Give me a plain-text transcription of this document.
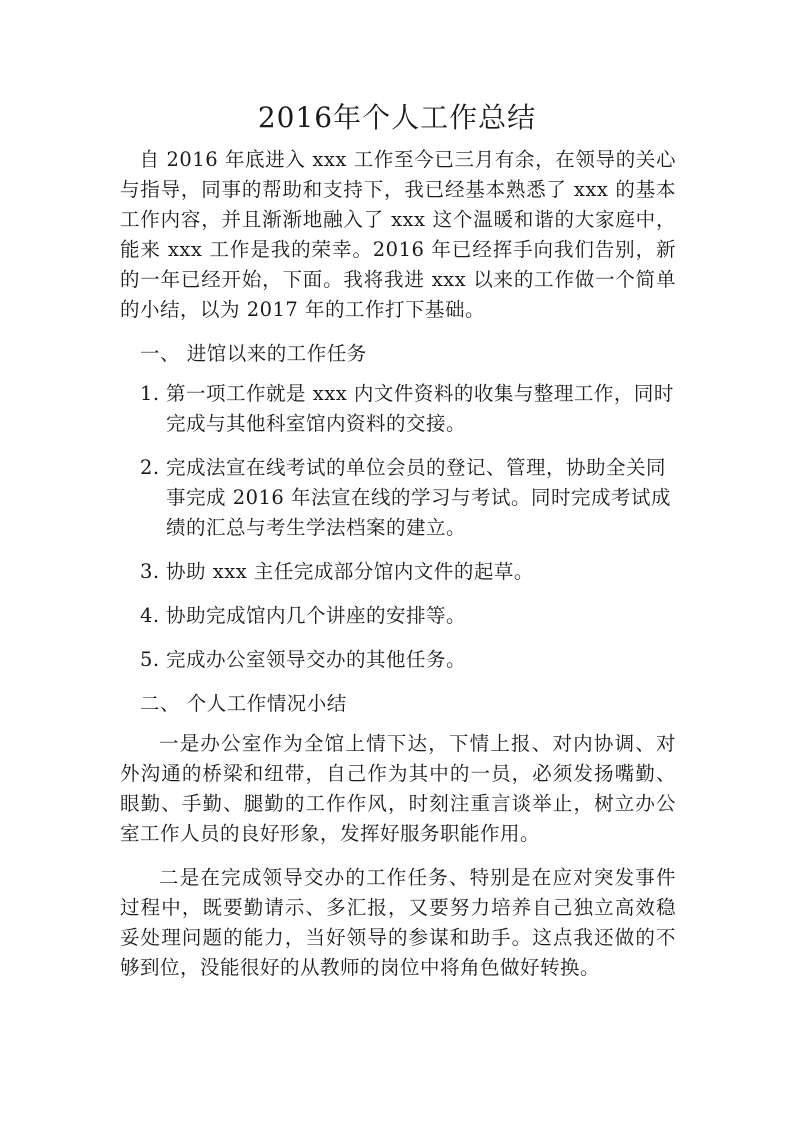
2016年个人工作总结

自 2016 年底进入 xxx 工作至今已三月有余，在领导的关心与指导，同事的帮助和支持下，我已经基本熟悉了 xxx 的基本工作内容，并且渐渐地融入了 xxx 这个温暖和谐的大家庭中，能来 xxx 工作是我的荣幸。2016 年已经挥手向我们告别，新的一年已经开始，下面。我将我进 xxx 以来的工作做一个简单的小结，以为 2017 年的工作打下基础。

一、 进馆以来的工作任务
1. 第一项工作就是 xxx 内文件资料的收集与整理工作，同时完成与其他科室馆内资料的交接。
2. 完成法宣在线考试的单位会员的登记、管理，协助全关同事完成 2016 年法宣在线的学习与考试。同时完成考试成绩的汇总与考生学法档案的建立。
3. 协助 xxx 主任完成部分馆内文件的起草。
4. 协助完成馆内几个讲座的安排等。
5. 完成办公室领导交办的其他任务。
二、 个人工作情况小结

一是办公室作为全馆上情下达，下情上报、对内协调、对外沟通的桥梁和纽带，自己作为其中的一员，必须发扬嘴勤、眼勤、手勤、腿勤的工作作风，时刻注重言谈举止，树立办公室工作人员的良好形象，发挥好服务职能作用。

二是在完成领导交办的工作任务、特别是在应对突发事件过程中，既要勤请示、多汇报，又要努力培养自己独立高效稳妥处理问题的能力，当好领导的参谋和助手。这点我还做的不够到位，没能很好的从教师的岗位中将角色做好转换。
